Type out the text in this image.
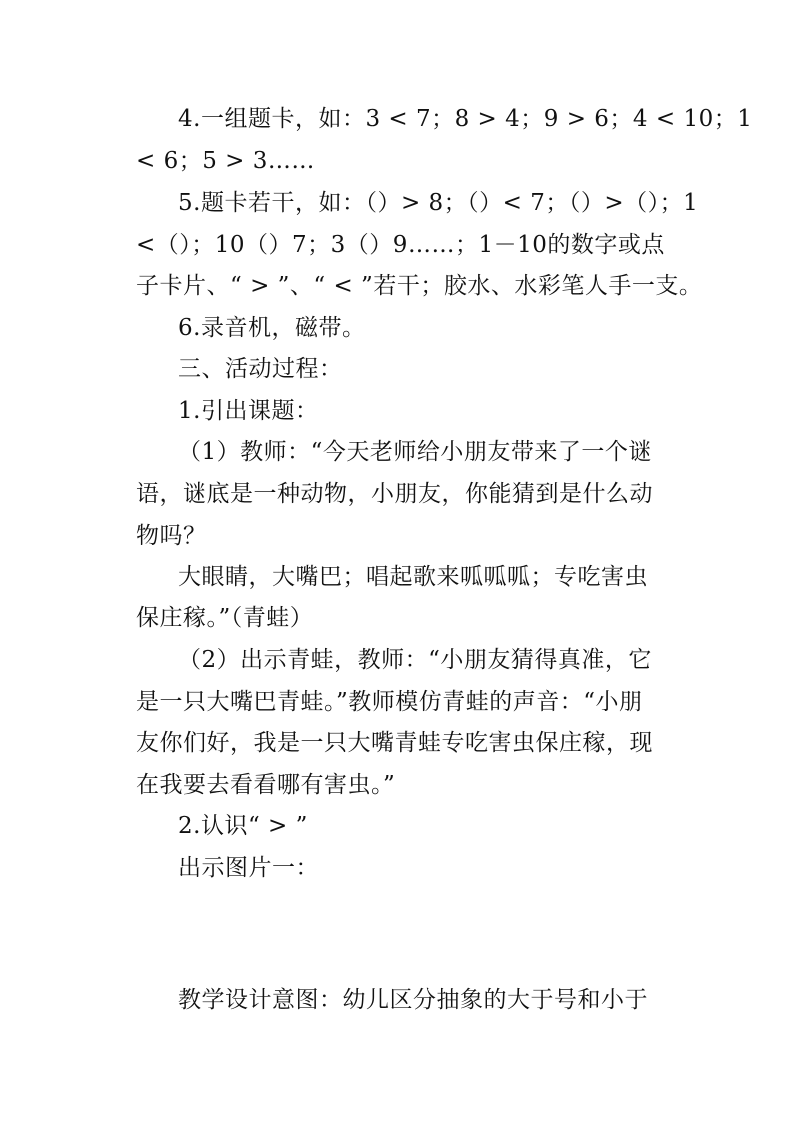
4.一组题卡，如：3 < 7；8 > 4；9 > 6；4 < 10；1
< 6；5 > 3……
5.题卡若干，如：（）> 8；（）< 7；（）>（）；1
<（）；10（）7；3（）9……；1－10的数字或点
子卡片、“ > ”、“ < ”若干；胶水、水彩笔人手一支。
6.录音机，磁带。
三、活动过程：
1.引出课题：
（1）教师：“今天老师给小朋友带来了一个谜
语，谜底是一种动物，小朋友，你能猜到是什么动
物吗？
大眼睛，大嘴巴；唱起歌来呱呱呱；专吃害虫
保庄稼。”（青蛙）
（2）出示青蛙，教师：“小朋友猜得真准，它
是一只大嘴巴青蛙。”教师模仿青蛙的声音：“小朋
友你们好，我是一只大嘴青蛙专吃害虫保庄稼，现
在我要去看看哪有害虫。”
2.认识“ > ”
出示图片一：
教学设计意图：幼儿区分抽象的大于号和小于
